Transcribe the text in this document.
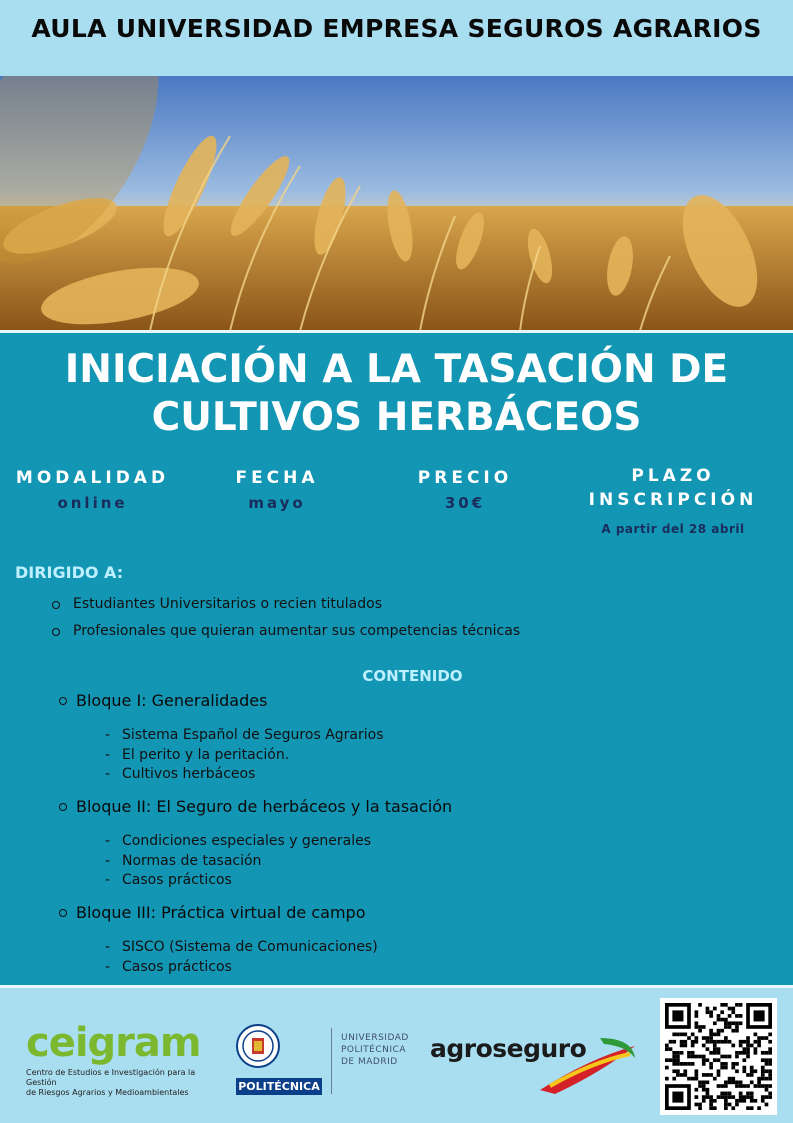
AULA UNIVERSIDAD EMPRESA SEGUROS AGRARIOS
INICIACIÓN A LA TASACIÓN DE
CULTIVOS HERBÁCEOS
MODALIDAD
online
FECHA
mayo
PRECIO
30€
PLAZO
INSCRIPCIÓN
A partir del 28 abril
DIRIGIDO A:
Estudiantes Universitarios o recien titulados
Profesionales que quieran aumentar sus competencias técnicas
CONTENIDO
Bloque I: Generalidades
- Sistema Español de Seguros Agrarios
- El perito y la peritación.
- Cultivos herbáceos
Bloque II: El Seguro de herbáceos y la tasación
- Condiciones especiales y generales
- Normas de tasación
- Casos prácticos
Bloque III: Práctica virtual de campo
- SISCO (Sistema de Comunicaciones)
- Casos prácticos
ceigram
Centro de Estudios e Investigación para la Gestión
de Riesgos Agrarios y Medioambientales	POLITÉCNICA
UNIVERSIDAD
POLITÉCNICA
DE MADRID	agroseguro
